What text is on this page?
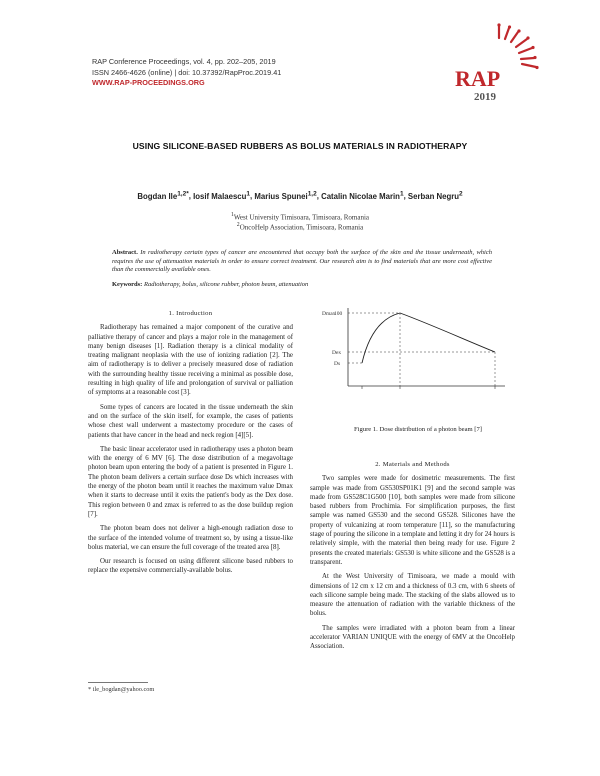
RAP Conference Proceedings, vol. 4, pp. 202–205, 2019
ISSN 2466-4626 (online) | doi: 10.37392/RapProc.2019.41
WWW.RAP-PROCEEDINGS.ORG	RAP
2019
USING SILICONE-BASED RUBBERS AS BOLUS MATERIALS IN RADIOTHERAPY
Bogdan Ile$^{1,2*}$, Iosif Malaescu$^1$, Marius Spunei$^{1,2}$, Catalin Nicolae Marin$^1$, Serban Negru$^2$
$^1$West University Timisoara, Timisoara, Romania
$^2$OncoHelp Association, Timisoara, Romania
Abstract. In radiotherapy certain types of cancer are encountered that occupy both the surface of the skin and the tissue underneath, which requires the use of attenuation materials in order to ensure correct treatment. Our research aim is to find materials that are more cost effective than the commercially available ones.
Keywords: Radiotherapy, bolus, silicone rubber, photon beam, attenuation

1. Introduction

Radiotherapy has remained a major component of the curative and palliative therapy of cancer and plays a major role in the management of many benign diseases [1]. Radiation therapy is a clinical modality of treating malignant neoplasia with the use of ionizing radiation [2]. The aim of radiotherapy is to deliver a precisely measured dose of radiation with the surrounding healthy tissue receiving a minimal as possible dose, resulting in high quality of life and prolongation of survival or palliation of symptoms at a reasonable cost [3].

Some types of cancers are located in the tissue underneath the skin and on the surface of the skin itself, for example, the cases of patients whose chest wall underwent a mastectomy procedure or the cases of patients that have cancer in the head and neck region [4][5].

The basic linear accelerator used in radiotherapy uses a photon beam with the energy of 6 MV [6]. The dose distribution of a megavoltage photon beam upon entering the body of a patient is presented in Figure 1. The photon beam delivers a certain surface dose Ds which increases with the energy of the photon beam until it reaches the maximum value Dmax when it starts to decrease until it exits the patient's body as the Dex dose. This region between 0 and zmax is referred to as the dose buildup region [7].

The photon beam does not deliver a high-enough radiation dose to the surface of the intended volume of treatment so, by using a tissue-like bolus material, we can ensure the full coverage of the treated area [8].

Our research is focused on using different silicone based rubbers to replace the expensive commercially-available bolus.

Dmax
100
Dex
Ds
Figure 1. Dose distribution of a photon beam [7]

2. Materials and Methods

Two samples were made for dosimetric measurements. The first sample was made from GS530SP01K1 [9] and the second sample was made from GS528C1G500 [10], both samples were made from silicone based rubbers from Prochimia. For simplification purposes, the first sample was named GS530 and the second GS528. Silicones have the property of vulcanizing at room temperature [11], so the manufacturing stage of pouring the silicone in a template and letting it dry for 24 hours is relatively simple, with the material then being ready for use. Figure 2 presents the created materials: GS530 is white silicone and the GS528 is a transparent.

At the West University of Timisoara, we made a mould with dimensions of 12 cm x 12 cm and a thickness of 0.3 cm, with 6 sheets of each silicone sample being made. The stacking of the slabs allowed us to measure the attenuation of radiation with the variable thickness of the bolus.

The samples were irradiated with a photon beam from a linear accelerator VARIAN UNIQUE with the energy of 6MV at the OncoHelp Association.

* ile_bogdan@yahoo.com
